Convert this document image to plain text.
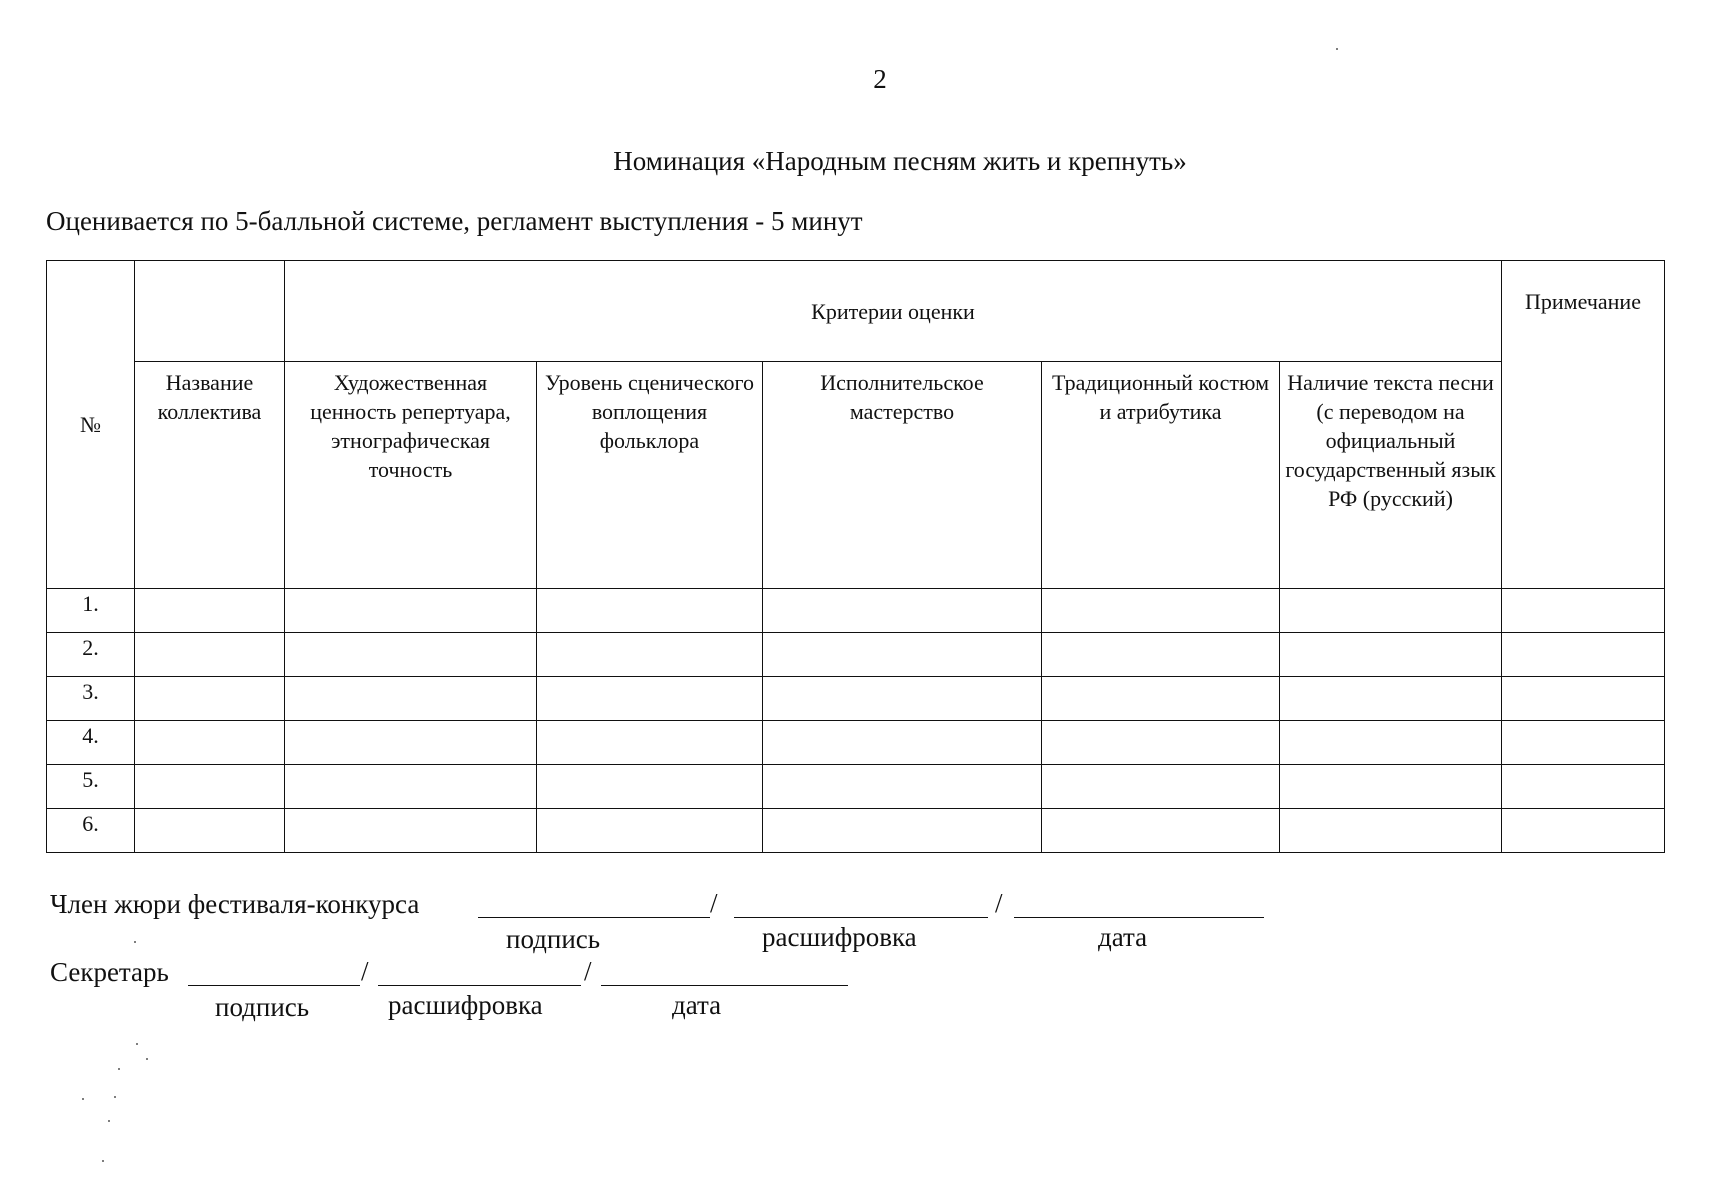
2
Номинация «Народным песням жить и крепнуть»
Оценивается по 5-балльной системе, регламент выступления - 5 минут
№		Критерии оценки					Примечание
	Название коллектива	Художественная ценность репертуара, этнографическая точность	Уровень сценического воплощения фольклора	Исполнительское мастерство	Традиционный костюм и атрибутика	Наличие текста песни (с переводом на официальный государственный язык РФ (русский)	
1.							
2.							
3.							
4.							
5.							
6.							
Член жюри фестиваля-конкурса	/	/
подпись	расшифровка	дата
Секретарь	/	/
подпись	расшифровка	дата
